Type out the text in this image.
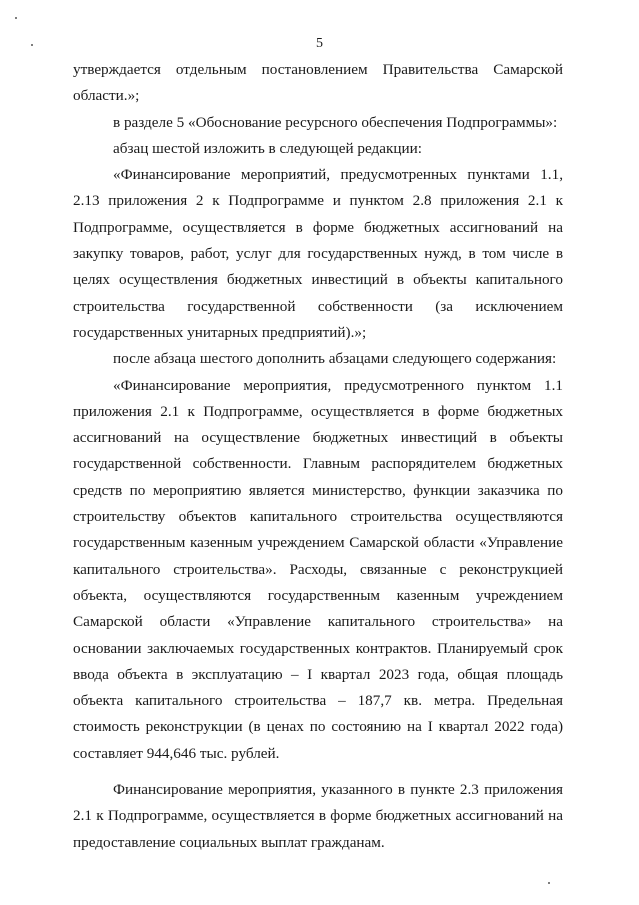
5

утверждается отдельным постановлением Правительства Самарской области.»;

в разделе 5 «Обоснование ресурсного обеспечения Подпрограммы»:

абзац шестой изложить в следующей редакции:

«Финансирование мероприятий, предусмотренных пунктами 1.1, 2.13 приложения 2 к Подпрограмме и пунктом 2.8 приложения 2.1 к Подпрограмме, осуществляется в форме бюджетных ассигнований на закупку товаров, работ, услуг для государственных нужд, в том числе в целях осуществления бюджетных инвестиций в объекты капитального строительства государственной собственности (за исключением государственных унитарных предприятий).»;

после абзаца шестого дополнить абзацами следующего содержания:

«Финансирование мероприятия, предусмотренного пунктом 1.1 приложения 2.1 к Подпрограмме, осуществляется в форме бюджетных ассигнований на осуществление бюджетных инвестиций в объекты государственной собственности. Главным распорядителем бюджетных средств по мероприятию является министерство, функции заказчика по строительству объектов капитального строительства осуществляются государственным казенным учреждением Самарской области «Управление капитального строительства». Расходы, связанные с реконструкцией объекта, осуществляются государственным казенным учреждением Самарской области «Управление капитального строительства» на основании заключаемых государственных контрактов. Планируемый срок ввода объекта в эксплуатацию – I квартал 2023 года, общая площадь объекта капитального строительства – 187,7 кв. метра. Предельная стоимость реконструкции (в ценах по состоянию на I квартал 2022 года) составляет 944,646 тыс. рублей.

Финансирование мероприятия, указанного в пункте 2.3 приложения 2.1 к Подпрограмме, осуществляется в форме бюджетных ассигнований на предоставление социальных выплат гражданам.
